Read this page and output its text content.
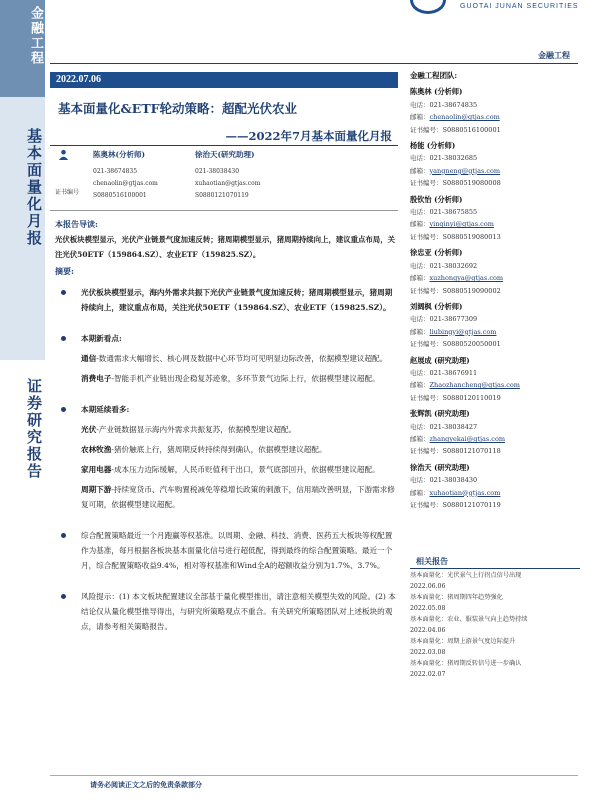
金融工程
基本面量化月报
证券研究报告
GUOTAI JUNAN SECURITIES
金融工程
2022.07.06
基本面量化&ETF轮动策略：超配光伏农业
——2022年7月基本面量化月报
证书编号
陈奥林(分析师)
021-38674835
chenaolin@gtjas.com
S0880516100001
徐治天(研究助理)
021-38038430
xuhaotian@gtjas.com
S0880121070119
本报告导读:
光伏板块模型显示，光伏产业链景气度加速反转；猪周期模型显示，猪周期持续向上，建议重点布局，关注光伏50ETF（159864.SZ）、农业ETF（159825.SZ）。
摘要:
光伏板块模型显示，海内外需求共振下光伏产业链景气度加速反转；猪周期模型显示，猪周期持续向上，建议重点布局，关注光伏50ETF（159864.SZ）、农业ETF（159825.SZ）。
本期新看点:
通信-数通需求大幅增长、核心网及数据中心环节均可见明显边际改善，依据模型建议超配。
消费电子-智能手机产业链出现企稳复苏迹象，多环节景气边际上行，依据模型建议超配。
本期延续看多:
光伏-产业链数据显示海内外需求共振复苏，依据模型建议超配。
农林牧渔-猪价触底上行，猪周期反转持续得到确认，依据模型建议超配。
家用电器-成本压力边际缓解，人民币贬值利于出口，景气底部回升，依据模型建议超配。
周期下游-持续宽货币、汽车购置税减免等稳增长政策的刺激下，信用端改善明显，下游需求修复可期，依据模型建议超配。
综合配置策略最近一个月跑赢等权基准。以周期、金融、科技、消费、医药五大板块等权配置作为基准，每月根据各板块基本面量化信号进行超低配，得到最终的综合配置策略。最近一个月，综合配置策略收益9.4%，相对等权基准和Wind全A的超额收益分别为1.7%、3.7%。
风险提示：(1) 本文板块配置建议全部基于量化模型推出，请注意相关模型失效的风险。(2) 本结论仅从量化模型推导得出，与研究所策略观点不重合。有关研究所策略团队对上述板块的观点，请参考相关策略报告。
金融工程团队:
陈奥林 (分析师)
电话：021-38674835
邮箱：chenaolin@gtjas.com
证书编号：S0880516100001
杨能 (分析师)
电话：021-38032685
邮箱：yangneng@gtjas.com
证书编号：S0880519080008
殷钦怡 (分析师)
电话：021-38675855
邮箱：yinqinyi@gtjas.com
证书编号：S0880519080013
徐忠亚 (分析师)
电话：021-38032692
邮箱：xuzhongya@gtjas.com
证书编号：S0880519090002
刘阔枫 (分析师)
电话：021-38677309
邮箱：liubingyi@gtjas.com
证书编号：S0880520050001
赵展成 (研究助理)
电话：021-38676911
邮箱：Zhaozhancheng@gtjas.com
证书编号：S0880120110019
张辉凯 (研究助理)
电话：021-38038427
邮箱：zhangyekai@gtjas.com
证书编号：S0880121070118
徐浩天 (研究助理)
电话：021-38038430
邮箱：xuhaotian@gtjas.com
证书编号：S0880121070119
相关报告
基本面量化：光伏景气上行拐点信号出现
2022.06.06
基本面量化：猪周期四年趋势强化
2022.05.08
基本面量化：农业、服装景气向上趋势持续
2022.04.06
基本面量化：周期上游景气度边际提升
2022.03.08
基本面量化：猪周期反转信号进一步确认
2022.02.07
请务必阅读正文之后的免责条款部分
